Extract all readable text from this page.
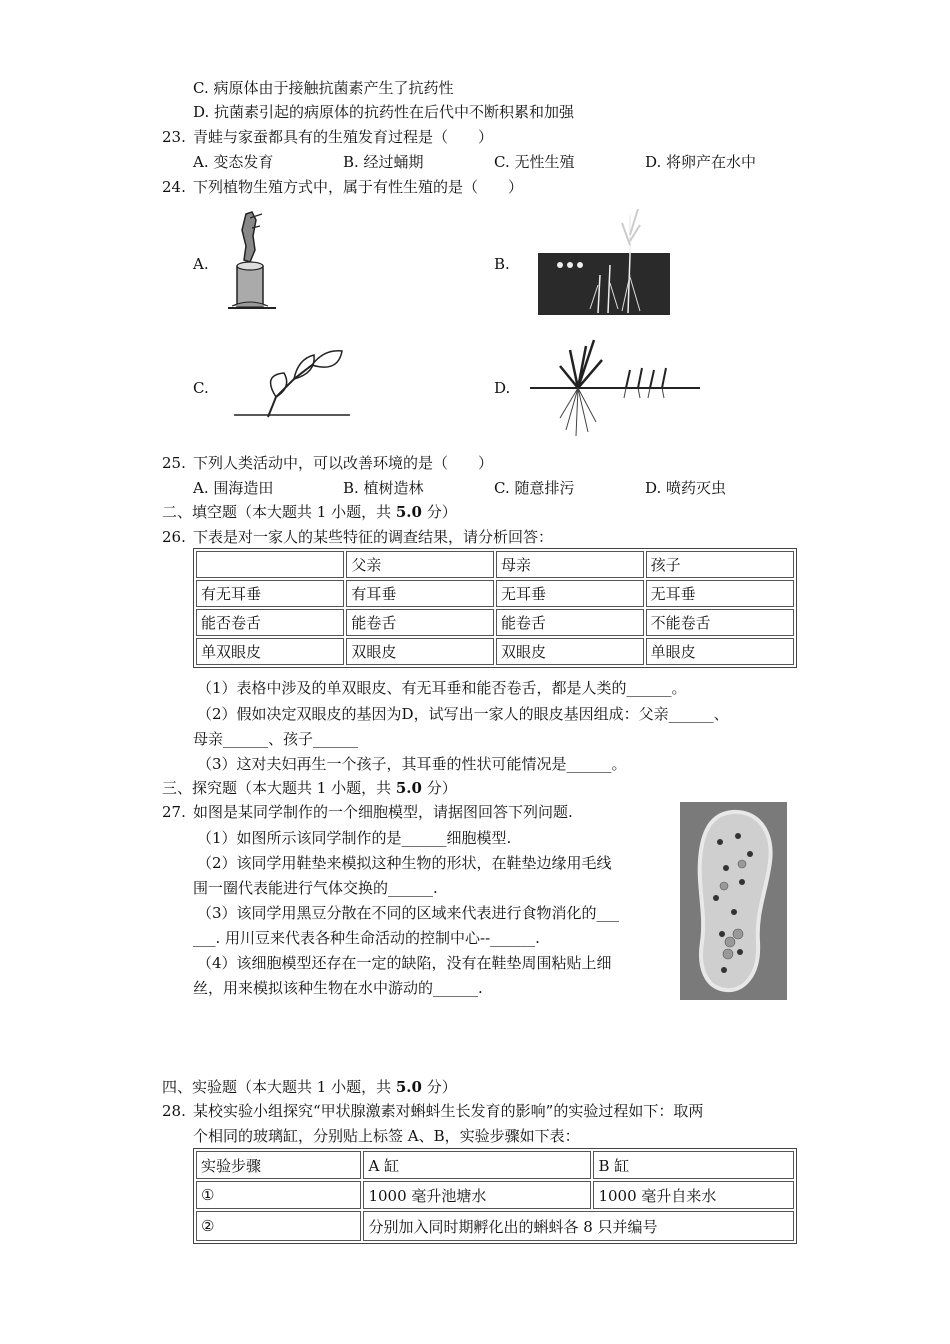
C. 病原体由于接触抗菌素产生了抗药性
D. 抗菌素引起的病原体的抗药性在后代中不断积累和加强
23. 青蛙与家蚕都具有的生殖发育过程是（　　）
A. 变态发育	B. 经过蛹期	C. 无性生殖	D. 将卵产在水中
24. 下列植物生殖方式中，属于有性生殖的是（　　）
A.	B.
C.	D.
25. 下列人类活动中，可以改善环境的是（　　）
A. 围海造田	B. 植树造林	C. 随意排污	D. 喷药灭虫
二、填空题（本大题共 1 小题，共 5.0 分）
26. 下表是对一家人的某些特征的调查结果，请分析回答：
	父亲	母亲	孩子
有无耳垂	有耳垂	无耳垂	无耳垂
能否卷舌	能卷舌	能卷舌	不能卷舌
单双眼皮	双眼皮	双眼皮	单眼皮
（1）表格中涉及的单双眼皮、有无耳垂和能否卷舌，都是人类的______。
（2）假如决定双眼皮的基因为D，试写出一家人的眼皮基因组成：父亲______、
母亲______、孩子______
（3）这对夫妇再生一个孩子，其耳垂的性状可能情况是______。
三、探究题（本大题共 1 小题，共 5.0 分）
27. 如图是某同学制作的一个细胞模型，请据图回答下列问题.
（1）如图所示该同学制作的是______细胞模型.
（2）该同学用鞋垫来模拟这种生物的形状，在鞋垫边缘用毛线
围一圈代表能进行气体交换的______.
（3）该同学用黑豆分散在不同的区域来代表进行食物消化的___
___. 用川豆来代表各种生命活动的控制中心--______.
（4）该细胞模型还存在一定的缺陷，没有在鞋垫周围粘贴上细
丝，用来模拟该种生物在水中游动的______.
四、实验题（本大题共 1 小题，共 5.0 分）
28. 某校实验小组探究“甲状腺激素对蝌蚪生长发育的影响”的实验过程如下：取两
个相同的玻璃缸，分别贴上标签 A、B，实验步骤如下表：
实验步骤	A 缸	B 缸
①	1000 毫升池塘水	1000 毫升自来水
②	分别加入同时期孵化出的蝌蚪各 8 只并编号	
